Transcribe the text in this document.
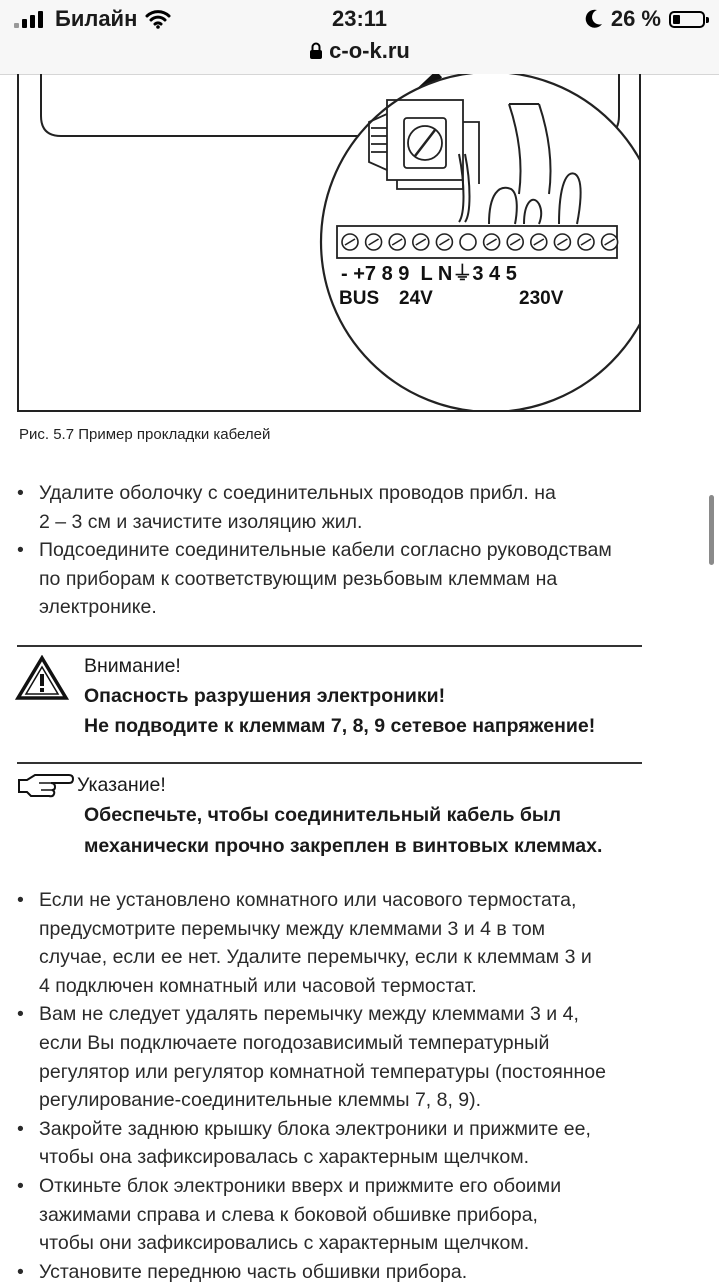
Билайн	23:11	26 %
c-o-k.ru
- +7 8 9  L N⏚3 4 5
BUS 24V	230V
Рис. 5.7 Пример прокладки кабелей
• Удалите оболочку с соединительных проводов прибл. на
2 – 3 см и зачистите изоляцию жил.
• Подсоедините соединительные кабели согласно руководствам
по приборам к соответствующим резьбовым клеммам на
электронике.
Внимание!
Опасность разрушения электроники!
Не подводите к клеммам 7, 8, 9 сетевое напряжение!
Указание!
Обеспечьте, чтобы соединительный кабель был
механически прочно закреплен в винтовых клеммах.
• Если не установлено комнатного или часового термостата,
предусмотрите перемычку между клеммами 3 и 4 в том
случае, если ее нет. Удалите перемычку, если к клеммам 3 и
4 подключен комнатный или часовой термостат.
• Вам не следует удалять перемычку между клеммами 3 и 4,
если Вы подключаете погодозависимый температурный
регулятор или регулятор комнатной температуры (постоянное
регулирование-соединительные клеммы 7, 8, 9).
• Закройте заднюю крышку блока электроники и прижмите ее,
чтобы она зафиксировалась с характерным щелчком.
• Откиньте блок электроники вверх и прижмите его обоими
зажимами справа и слева к боковой обшивке прибора,
чтобы они зафиксировались с характерным щелчком.
• Установите переднюю часть обшивки прибора.
